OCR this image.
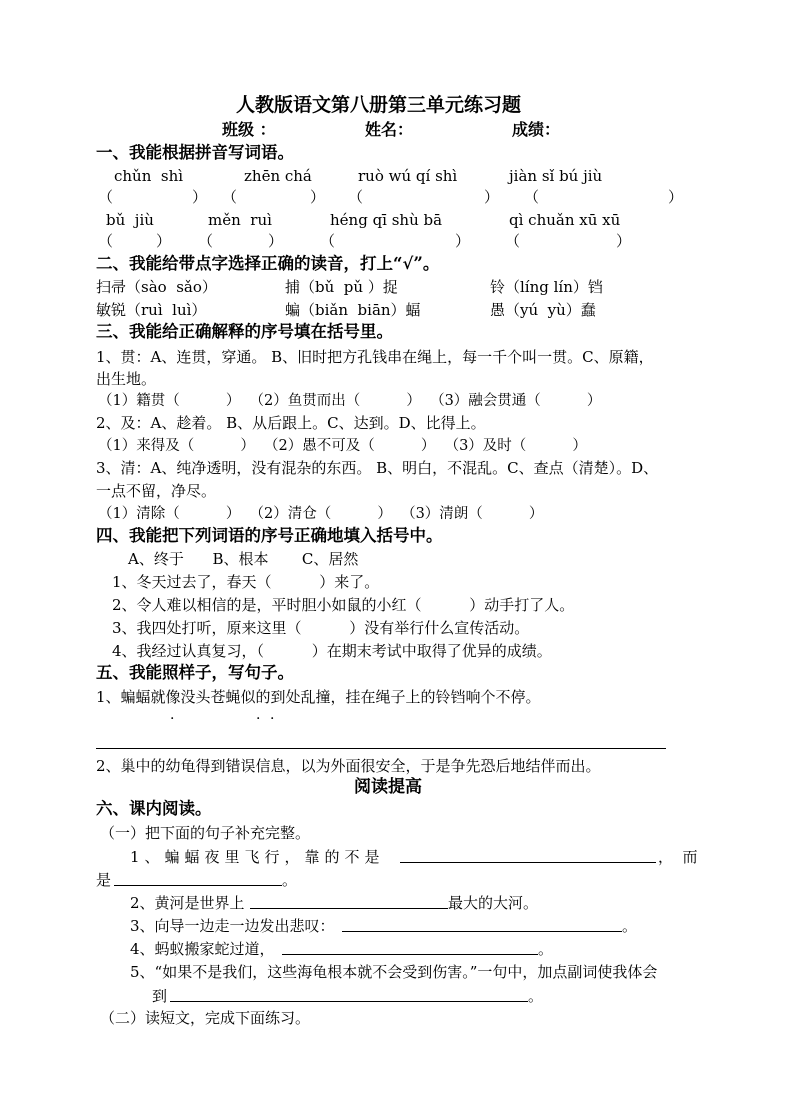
人教版语文第八册第三单元练习题
班级 ：	姓名：	成绩：
一、我能根据拼音写词语。
chǔn  shì	zhēn chá	ruò wú qí shì	jiàn sǐ bú jiù
（	） （	） （	） （	）
bǔ  jiù	měn  ruì	héng qī shù bā	qì chuǎn xū xū
（	） （	） （	） （	）
二、我能给带点字选择正确的读音，打上“√”。
扫帚（sào  sǎo）	捕（bǔ  pǔ ）捉	铃（líng lín）铛
敏锐（ruì  luì）	蝙（biǎn  biān）蝠	愚（yú  yù）蠢
三、我能给正确解释的序号填在括号里。
1、贯：A、连贯，穿通。 B、旧时把方孔钱串在绳上，每一千个叫一贯。C、原籍，
出生地。
（1）籍贯（          ）  （2）鱼贯而出（          ）  （3）融会贯通（          ）
2、及：A、趁着。 B、从后跟上。C、达到。D、比得上。
（1）来得及（          ）  （2）愚不可及（          ）  （3）及时（          ）
3、清：A、纯净透明，没有混杂的东西。 B、明白，不混乱。C、查点（清楚）。D、
一点不留，净尽。
（1）清除（          ）  （2）清仓（          ）  （3）清朗（          ）
四、我能把下列词语的序号正确地填入括号中。
A、终于      B、根本       C、居然
1、冬天过去了，春天（          ）来了。
2、令人难以相信的是，平时胆小如鼠的小红（          ）动手打了人。
3、我四处打听，原来这里（          ）没有举行什么宣传活动。
4、我经过认真复习，（          ）在期末考试中取得了优异的成绩。
五、我能照样子，写句子。
1、蝙蝠就像没头苍蝇似的到处乱撞，挂在绳子上的铃铛响个不停。
·	· ·
2、巢中的幼龟得到错误信息，以为外面很安全，于是争先恐后地结伴而出。
阅读提高
六、课内阅读。
（一）把下面的句子补充完整。
1、蝙蝠夜里飞行，靠的不是	，  而
是	。
2、黄河是世界上	最大的大河。
3、向导一边走一边发出悲叹：	。
4、蚂蚁搬家蛇过道，	。
5、“如果不是我们，这些海龟根本就不会受到伤害。”一句中，加点副词使我体会
到	。
（二）读短文，完成下面练习。
